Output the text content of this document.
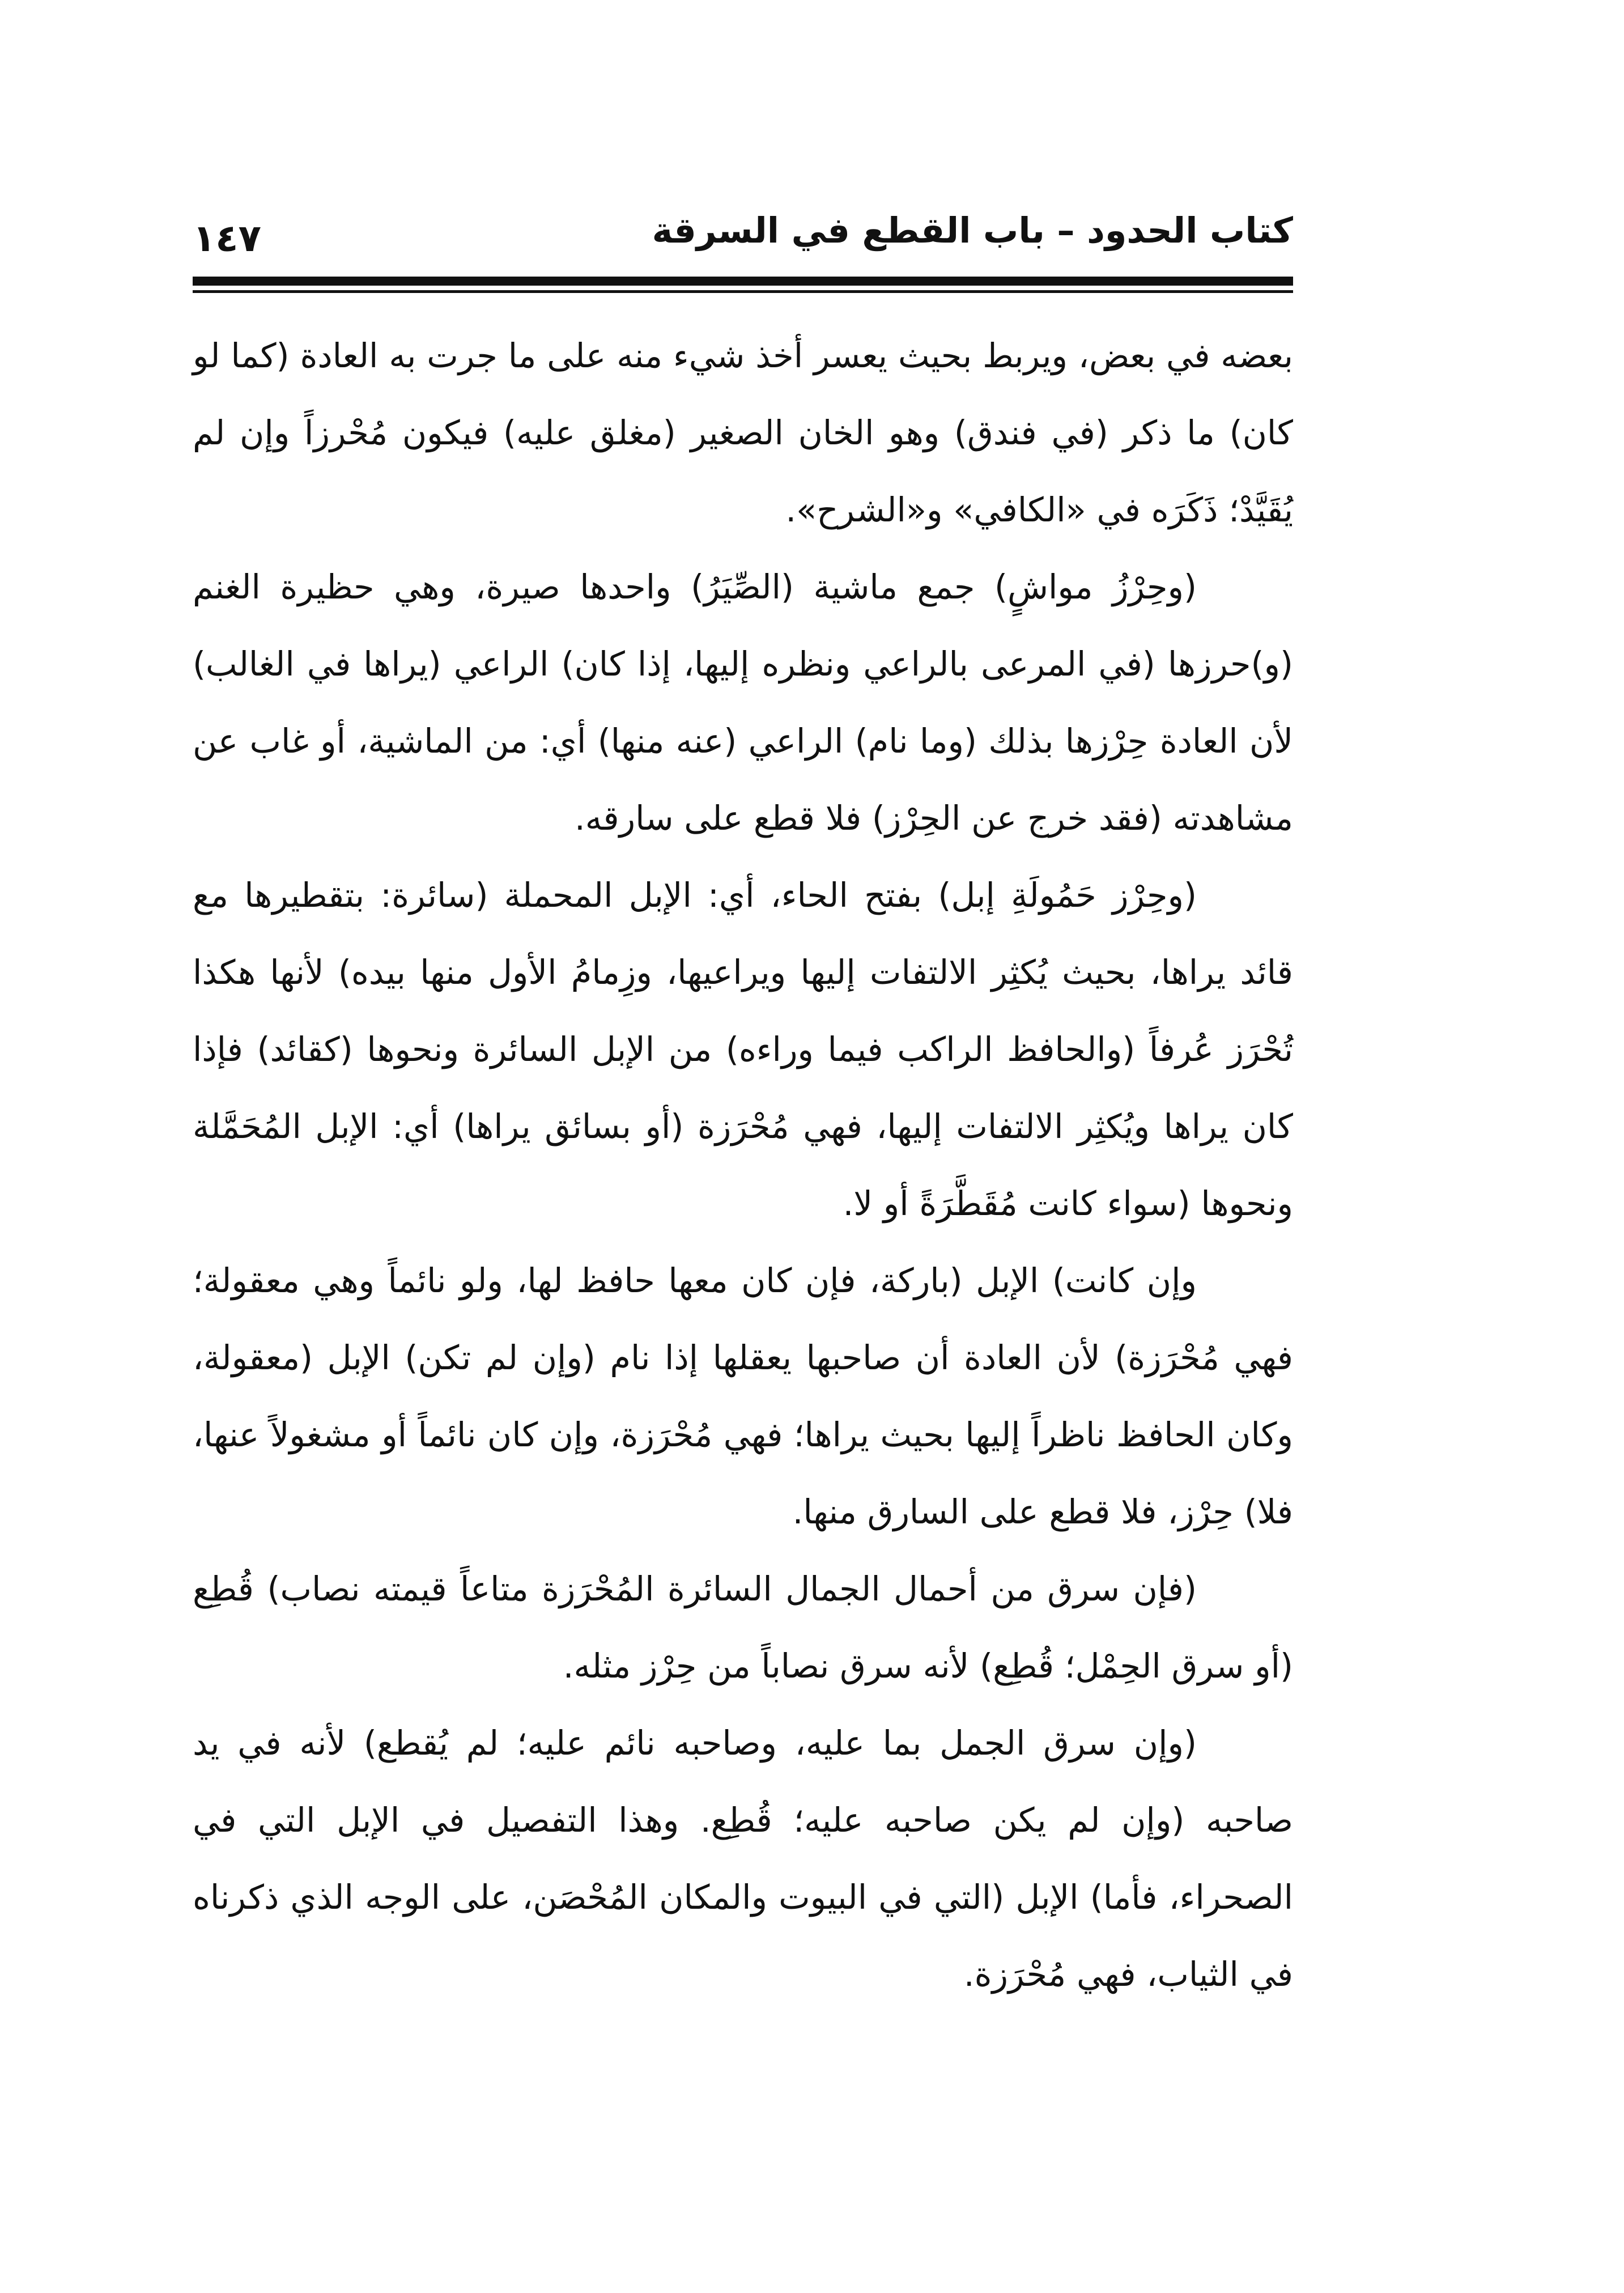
كتاب الحدود – باب القطع في السرقة
١٤٧

بعضه في بعض، ويربط بحيث يعسر أخذ شيء منه على ما جرت به العادة (كما لو كان) ما ذكر (في فندق) وهو الخان الصغير (مغلق عليه) فيكون مُحْرزاً وإن لم يُقَيَّدْ؛ ذَكَرَه في «الكافي» و«الشرح».

(وحِرْزُ مواشٍ) جمع ماشية (الصِّيَرُ) واحدها صيرة، وهي حظيرة الغنم (و)حرزها (في المرعى بالراعي ونظره إليها، إذا كان) الراعي (يراها في الغالب) لأن العادة حِرْزها بذلك (وما نام) الراعي (عنه منها) أي: من الماشية، أو غاب عن مشاهدته (فقد خرج عن الحِرْز) فلا قطع على سارقه.

(وحِرْز حَمُولَةِ إبل) بفتح الحاء، أي: الإبل المحملة (سائرة: بتقطيرها مع قائد يراها، بحيث يُكثِر الالتفات إليها ويراعيها، وزِمامُ الأول منها بيده) لأنها هكذا تُحْرَز عُرفاً (والحافظ الراكب فيما وراءه) من الإبل السائرة ونحوها (كقائد) فإذا كان يراها ويُكثِر الالتفات إليها، فهي مُحْرَزة (أو بسائق يراها) أي: الإبل المُحَمَّلة ونحوها (سواء كانت مُقَطَّرَةً أو لا.

وإن كانت) الإبل (باركة، فإن كان معها حافظ لها، ولو نائماً وهي معقولة؛ فهي مُحْرَزة) لأن العادة أن صاحبها يعقلها إذا نام (وإن لم تكن) الإبل (معقولة، وكان الحافظ ناظراً إليها بحيث يراها؛ فهي مُحْرَزة، وإن كان نائماً أو مشغولاً عنها، فلا) حِرْز، فلا قطع على السارق منها.

(فإن سرق من أحمال الجمال السائرة المُحْرَزة متاعاً قيمته نصاب) قُطِع (أو سرق الحِمْل؛ قُطِع) لأنه سرق نصاباً من حِرْز مثله.

(وإن سرق الجمل بما عليه، وصاحبه نائم عليه؛ لم يُقطع) لأنه في يد صاحبه (وإن لم يكن صاحبه عليه؛ قُطِع. وهذا التفصيل في الإبل التي في الصحراء، فأما) الإبل (التي في البيوت والمكان المُحْصَن، على الوجه الذي ذكرناه في الثياب، فهي مُحْرَزة.
